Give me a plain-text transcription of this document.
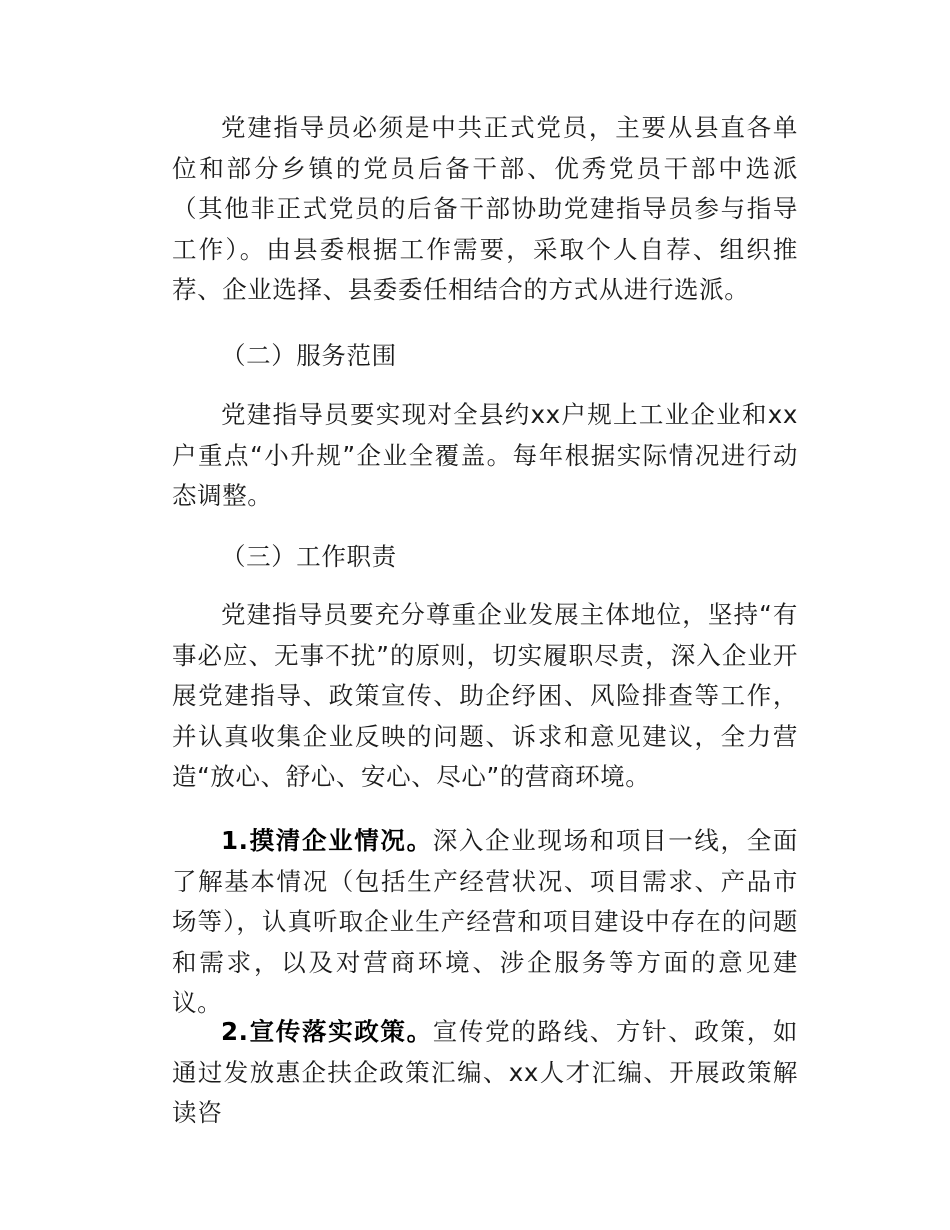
党建指导员必须是中共正式党员，主要从县直各单位和部分乡镇的党员后备干部、优秀党员干部中选派（其他非正式党员的后备干部协助党建指导员参与指导工作）。由县委根据工作需要，采取个人自荐、组织推荐、企业选择、县委委任相结合的方式从进行选派。

（二）服务范围

党建指导员要实现对全县约xx户规上工业企业和xx户重点“小升规”企业全覆盖。每年根据实际情况进行动态调整。

（三）工作职责

党建指导员要充分尊重企业发展主体地位，坚持“有事必应、无事不扰”的原则，切实履职尽责，深入企业开展党建指导、政策宣传、助企纾困、风险排查等工作，并认真收集企业反映的问题、诉求和意见建议，全力营造“放心、舒心、安心、尽心”的营商环境。

1.摸清企业情况。深入企业现场和项目一线，全面了解基本情况（包括生产经营状况、项目需求、产品市场等），认真听取企业生产经营和项目建设中存在的问题和需求，以及对营商环境、涉企服务等方面的意见建议。

2.宣传落实政策。宣传党的路线、方针、政策，如通过发放惠企扶企政策汇编、xx人才汇编、开展政策解读咨
